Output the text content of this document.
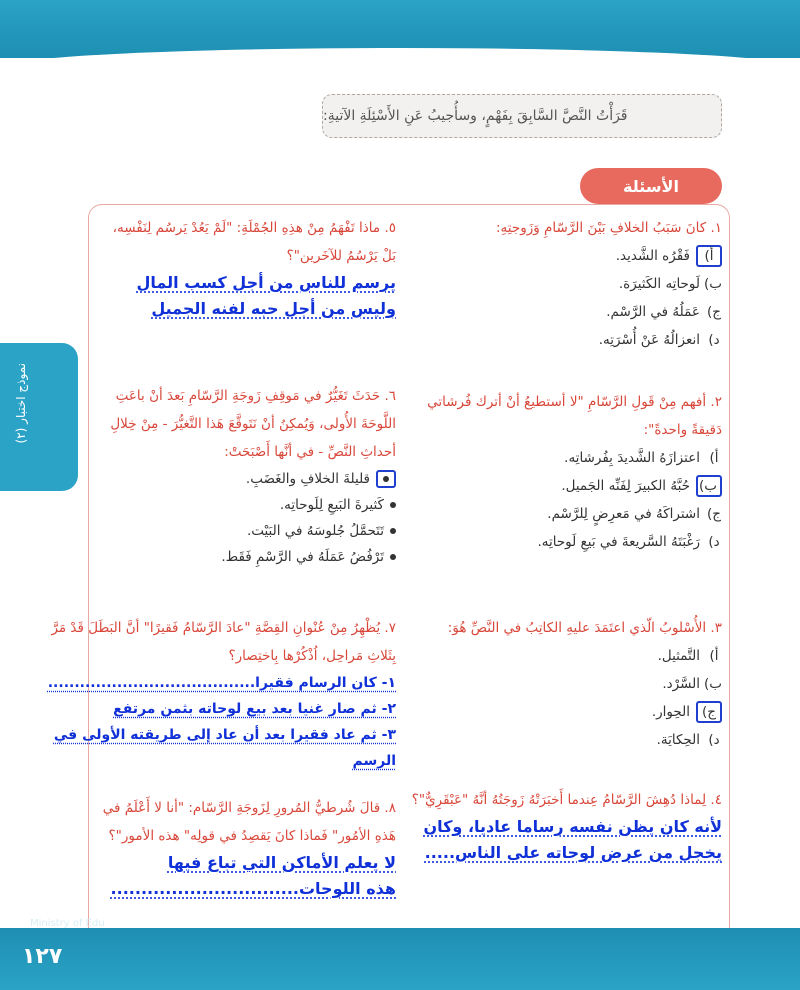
قَرَأْتُ النَّصَّ السَّابِقَ بِفَهْمٍ، وسأُجيبُ عَنِ الأَسْئِلَةِ الآتيةِ:
الأسئلة
نموذج اختبار (٢)
١. كانَ سَبَبُ الخلافِ بَيْنَ الرَّسّامِ وَزَوجتِهِ:
أ)
فَقْرُه الشَّديد.
ب)
لَوحاتِه الكَثيرَة.
ج)
عَمَلُهُ في الرَّسْم.
د)
انعزالُهُ عَنْ أُسْرَتِه.
٢. أفهم مِنْ قَولِ الرَّسّامِ "لا أستطيعُ أنْ أترك فُرشاتي دَقيقةً واحدةً":
أ)
اعتزازَهُ الشَّديدَ بِفُرشاتِه.
ب)
حُبَّهُ الكبيرَ لِفَنِّه الجَميل.
ج)
اشتراكَهُ في مَعرِضٍ لِلرَّسْم.
د)
رَغْبَتَهُ السَّريعةَ في بَيعِ لَوحاتِه.
٣. الأُسْلوبُ الّذي اعتَمَدَ عليهِ الكاتِبُ في النَّصِّ هُوَ:
أ)
التَّمثيل.
ب)
السَّرْد.
ج)
الحِوار.
د)
الحِكايَة.
٤. لِماذا دُهِشَ الرَّسّامُ عِندما أَخبَرَتْهُ زَوجَتُهُ أنَّهُ "عَبْقَرِيٌّ"؟
لأنه كان يظن نفسه رساما عاديا، وكان
يخجل من عرض لوحاته على الناس.....
٥. ماذا تَفْهَمُ مِنْ هذِهِ الجُمْلَةِ: "لَمْ يَعُدْ يَرسُم لِنَفْسِه، بَلْ يَرْسُمُ للآخَرين"؟
يرسم للناس من أجل كسب المال
وليس من أجل حبه لفنه الجميل
٦. حَدَثَ تَغَيُّرٌ في مَوقِفِ زَوجَةِ الرَّسّامِ بَعدَ أنْ باعَتِ اللَّوحَةَ الأُولى، وَيُمكِنُ أنْ نَتَوقَّعَ هَذا التَّغيُّرَ - مِنْ خِلالِ أحداثِ النَّصِّ - في أنَّها أَصْبَحَتْ:
قليلةَ الخلافِ والغَضَبِ.
كَثيرةَ البَيعِ لِلَوحاتِه.
تَتَحمَّلُ جُلوسَهُ في البَيْت.
تَرْفُضُ عَمَلَهُ في الرَّسْمِ فَقَط.
٧. يُظْهِرُ مِنْ عُنْوانِ القِصَّةِ "عادَ الرَّسّامُ فَقيرًا" أنَّ البَطَلَ قَدْ مَرَّ بِثَلاثِ مَراحِل، اُذْكُرْها بِاختِصار؟
١- كان الرسام فقيرا.......................................
٢- ثم صار غنيا بعد بيع لوحاته بثمن مرتفع
٣- ثم عاد فقيرا بعد أن عاد إلى طريقته الأولى في الرسم
٨. قالَ شُرطيُّ المُرورِ لِزَوجَةِ الرَّسّام: "أنا لا أَعْلَمُ في هَذهِ الأمُور" فَماذا كانَ يَقصِدُ في قولِه" هذه الأمور"؟
لا يعلم الأماكن التي تباع فيها
هذه اللوحات...............................
Ministry of Edu
١٢٧
